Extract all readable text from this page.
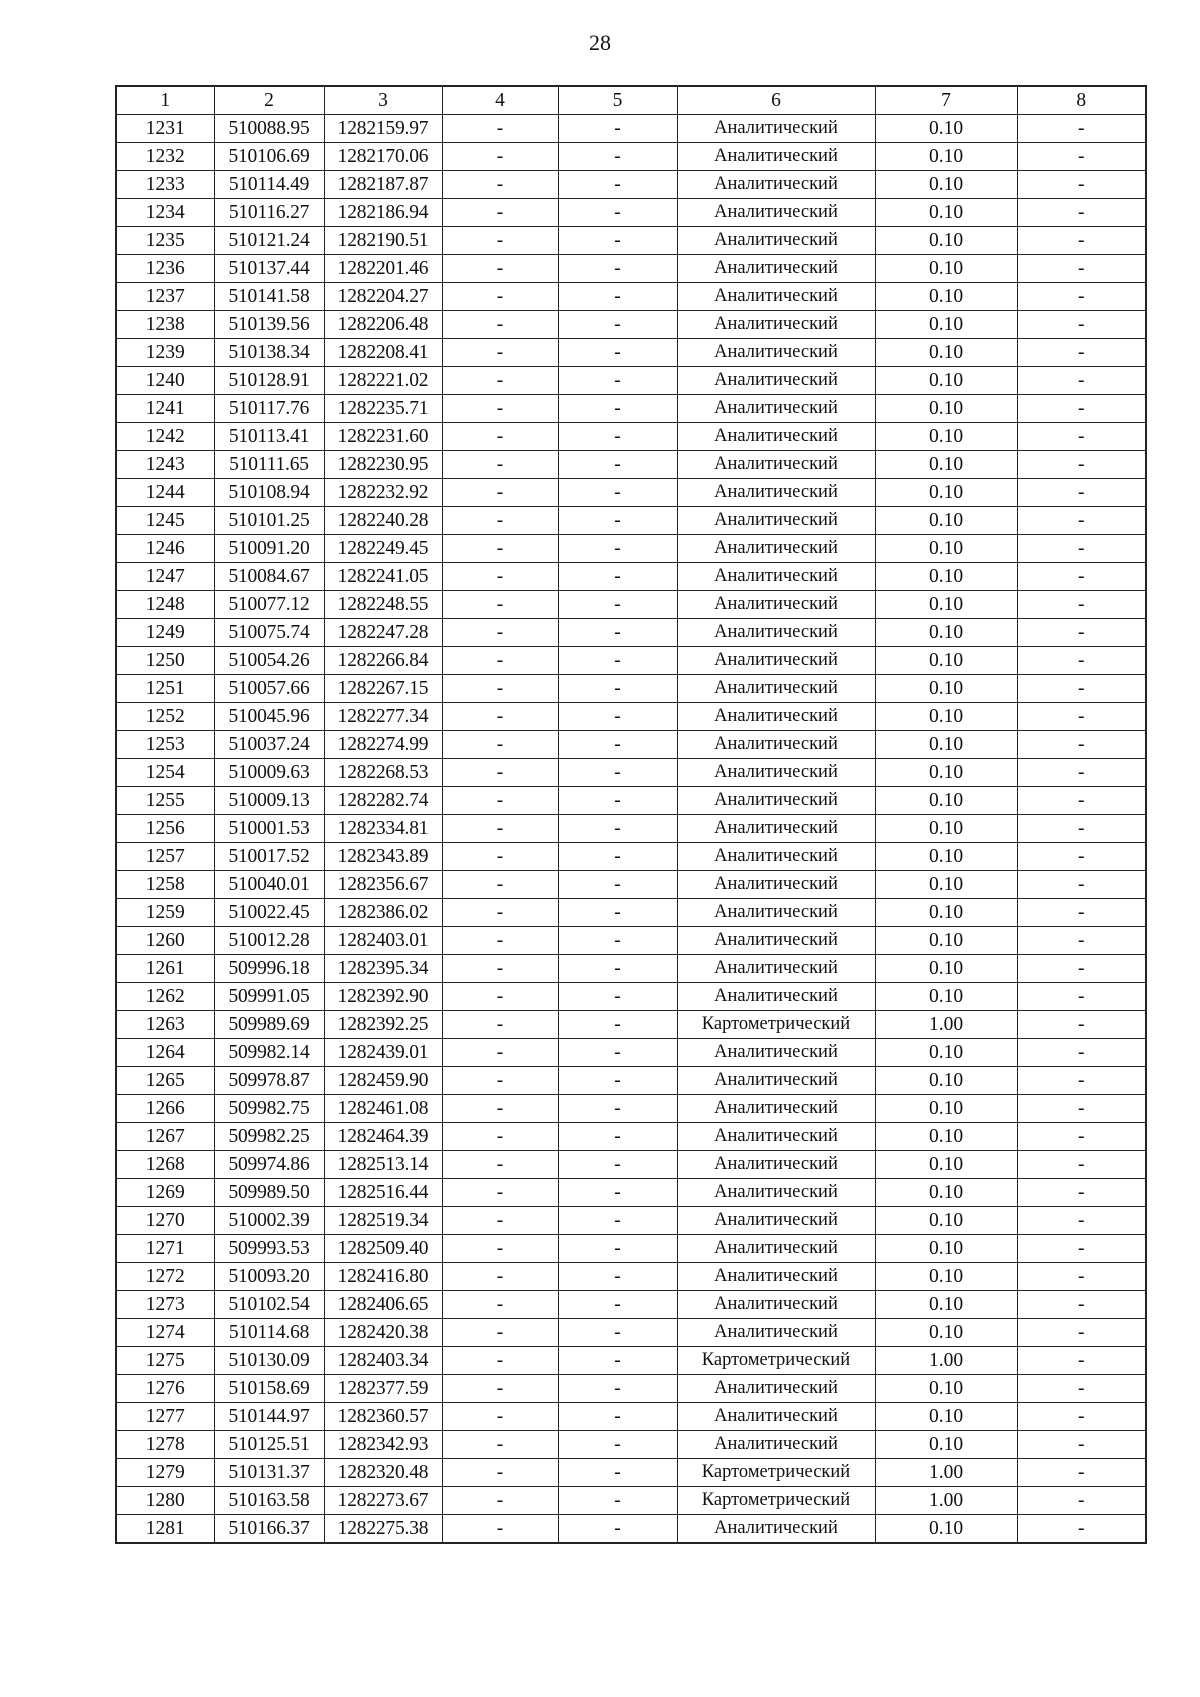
28
1	2	3	4	5	6	7	8
1231	510088.95	1282159.97	-	-	Аналитический	0.10	-
1232	510106.69	1282170.06	-	-	Аналитический	0.10	-
1233	510114.49	1282187.87	-	-	Аналитический	0.10	-
1234	510116.27	1282186.94	-	-	Аналитический	0.10	-
1235	510121.24	1282190.51	-	-	Аналитический	0.10	-
1236	510137.44	1282201.46	-	-	Аналитический	0.10	-
1237	510141.58	1282204.27	-	-	Аналитический	0.10	-
1238	510139.56	1282206.48	-	-	Аналитический	0.10	-
1239	510138.34	1282208.41	-	-	Аналитический	0.10	-
1240	510128.91	1282221.02	-	-	Аналитический	0.10	-
1241	510117.76	1282235.71	-	-	Аналитический	0.10	-
1242	510113.41	1282231.60	-	-	Аналитический	0.10	-
1243	510111.65	1282230.95	-	-	Аналитический	0.10	-
1244	510108.94	1282232.92	-	-	Аналитический	0.10	-
1245	510101.25	1282240.28	-	-	Аналитический	0.10	-
1246	510091.20	1282249.45	-	-	Аналитический	0.10	-
1247	510084.67	1282241.05	-	-	Аналитический	0.10	-
1248	510077.12	1282248.55	-	-	Аналитический	0.10	-
1249	510075.74	1282247.28	-	-	Аналитический	0.10	-
1250	510054.26	1282266.84	-	-	Аналитический	0.10	-
1251	510057.66	1282267.15	-	-	Аналитический	0.10	-
1252	510045.96	1282277.34	-	-	Аналитический	0.10	-
1253	510037.24	1282274.99	-	-	Аналитический	0.10	-
1254	510009.63	1282268.53	-	-	Аналитический	0.10	-
1255	510009.13	1282282.74	-	-	Аналитический	0.10	-
1256	510001.53	1282334.81	-	-	Аналитический	0.10	-
1257	510017.52	1282343.89	-	-	Аналитический	0.10	-
1258	510040.01	1282356.67	-	-	Аналитический	0.10	-
1259	510022.45	1282386.02	-	-	Аналитический	0.10	-
1260	510012.28	1282403.01	-	-	Аналитический	0.10	-
1261	509996.18	1282395.34	-	-	Аналитический	0.10	-
1262	509991.05	1282392.90	-	-	Аналитический	0.10	-
1263	509989.69	1282392.25	-	-	Картометрический	1.00	-
1264	509982.14	1282439.01	-	-	Аналитический	0.10	-
1265	509978.87	1282459.90	-	-	Аналитический	0.10	-
1266	509982.75	1282461.08	-	-	Аналитический	0.10	-
1267	509982.25	1282464.39	-	-	Аналитический	0.10	-
1268	509974.86	1282513.14	-	-	Аналитический	0.10	-
1269	509989.50	1282516.44	-	-	Аналитический	0.10	-
1270	510002.39	1282519.34	-	-	Аналитический	0.10	-
1271	509993.53	1282509.40	-	-	Аналитический	0.10	-
1272	510093.20	1282416.80	-	-	Аналитический	0.10	-
1273	510102.54	1282406.65	-	-	Аналитический	0.10	-
1274	510114.68	1282420.38	-	-	Аналитический	0.10	-
1275	510130.09	1282403.34	-	-	Картометрический	1.00	-
1276	510158.69	1282377.59	-	-	Аналитический	0.10	-
1277	510144.97	1282360.57	-	-	Аналитический	0.10	-
1278	510125.51	1282342.93	-	-	Аналитический	0.10	-
1279	510131.37	1282320.48	-	-	Картометрический	1.00	-
1280	510163.58	1282273.67	-	-	Картометрический	1.00	-
1281	510166.37	1282275.38	-	-	Аналитический	0.10	-
